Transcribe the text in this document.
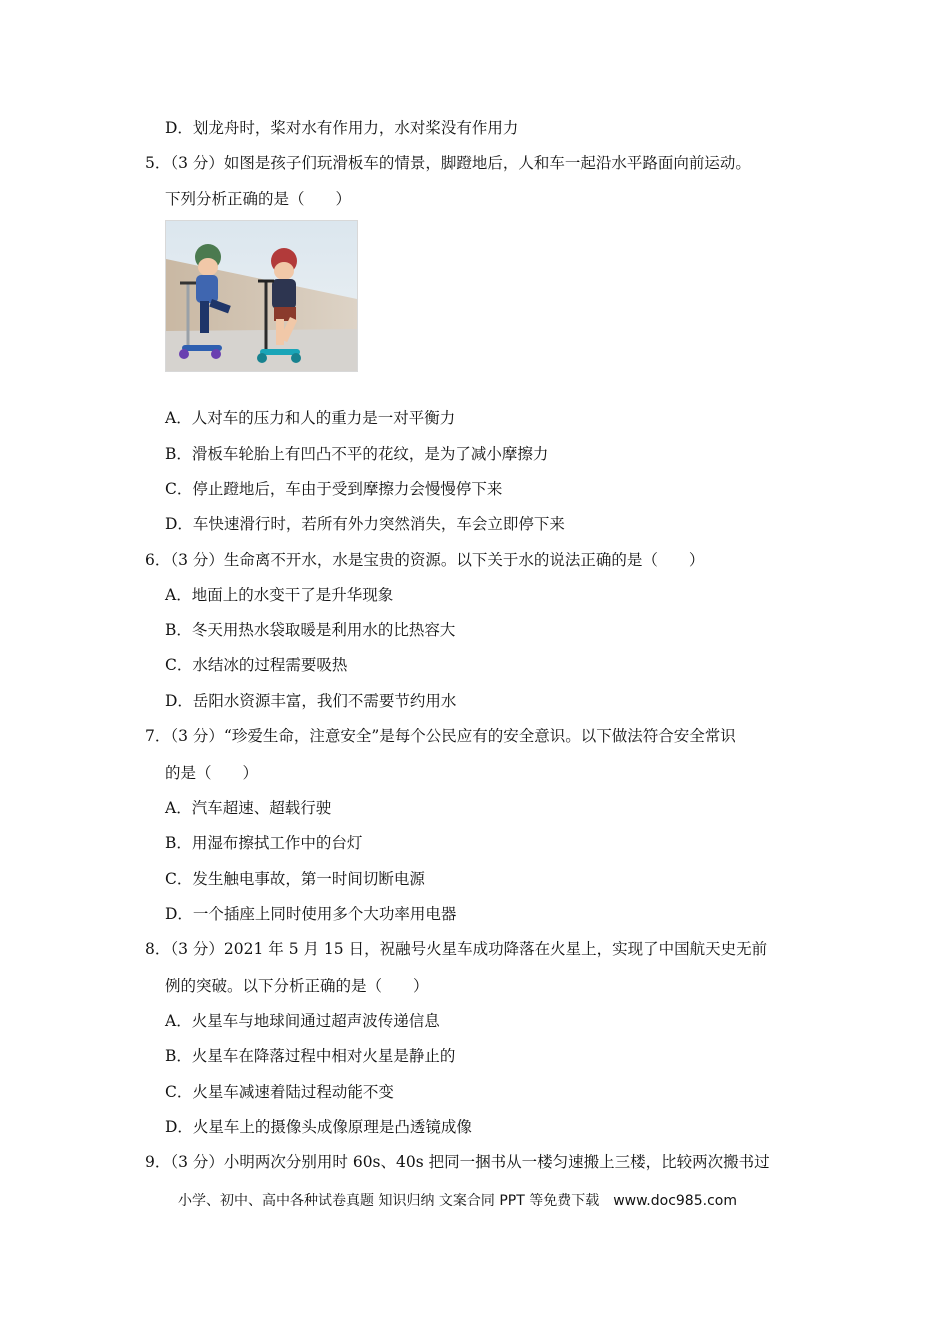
D．划龙舟时，桨对水有作用力，水对桨没有作用力
5．（3 分）如图是孩子们玩滑板车的情景，脚蹬地后，人和车一起沿水平路面向前运动。
下列分析正确的是（　　）
A．人对车的压力和人的重力是一对平衡力
B．滑板车轮胎上有凹凸不平的花纹，是为了减小摩擦力
C．停止蹬地后，车由于受到摩擦力会慢慢停下来
D．车快速滑行时，若所有外力突然消失，车会立即停下来
6．（3 分）生命离不开水，水是宝贵的资源。以下关于水的说法正确的是（　　）
A．地面上的水变干了是升华现象
B．冬天用热水袋取暖是利用水的比热容大
C．水结冰的过程需要吸热
D．岳阳水资源丰富，我们不需要节约用水
7．（3 分）“珍爱生命，注意安全”是每个公民应有的安全意识。以下做法符合安全常识
的是（　　）
A．汽车超速、超载行驶
B．用湿布擦拭工作中的台灯
C．发生触电事故，第一时间切断电源
D．一个插座上同时使用多个大功率用电器
8．（3 分）2021 年 5 月 15 日，祝融号火星车成功降落在火星上，实现了中国航天史无前
例的突破。以下分析正确的是（　　）
A．火星车与地球间通过超声波传递信息
B．火星车在降落过程中相对火星是静止的
C．火星车减速着陆过程动能不变
D．火星车上的摄像头成像原理是凸透镜成像
9．（3 分）小明两次分别用时 60s、40s 把同一捆书从一楼匀速搬上三楼，比较两次搬书过
小学、初中、高中各种试卷真题 知识归纳 文案合同 PPT 等免费下载　www.doc985.com
